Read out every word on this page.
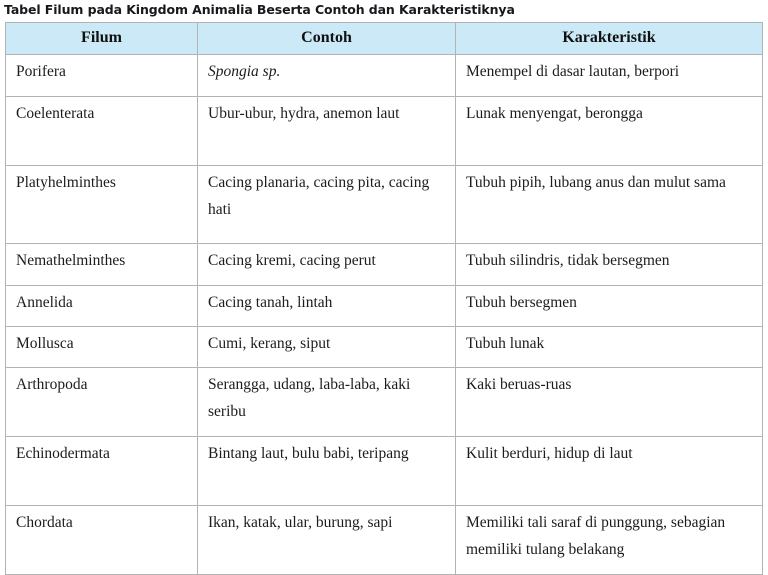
Tabel Filum pada Kingdom Animalia Beserta Contoh dan Karakteristiknya
Filum	Contoh	Karakteristik
Porifera	Spongia sp.	Menempel di dasar lautan, berpori
Coelenterata	Ubur-ubur, hydra, anemon laut	Lunak menyengat, berongga
Platyhelminthes	Cacing planaria, cacing pita, cacing hati	Tubuh pipih, lubang anus dan mulut sama
Nemathelminthes	Cacing kremi, cacing perut	Tubuh silindris, tidak bersegmen
Annelida	Cacing tanah, lintah	Tubuh bersegmen
Mollusca	Cumi, kerang, siput	Tubuh lunak
Arthropoda	Serangga, udang, laba-laba, kaki seribu	Kaki beruas-ruas
Echinodermata	Bintang laut, bulu babi, teripang	Kulit berduri, hidup di laut
Chordata	Ikan, katak, ular, burung, sapi	Memiliki tali saraf di punggung, sebagian memiliki tulang belakang
